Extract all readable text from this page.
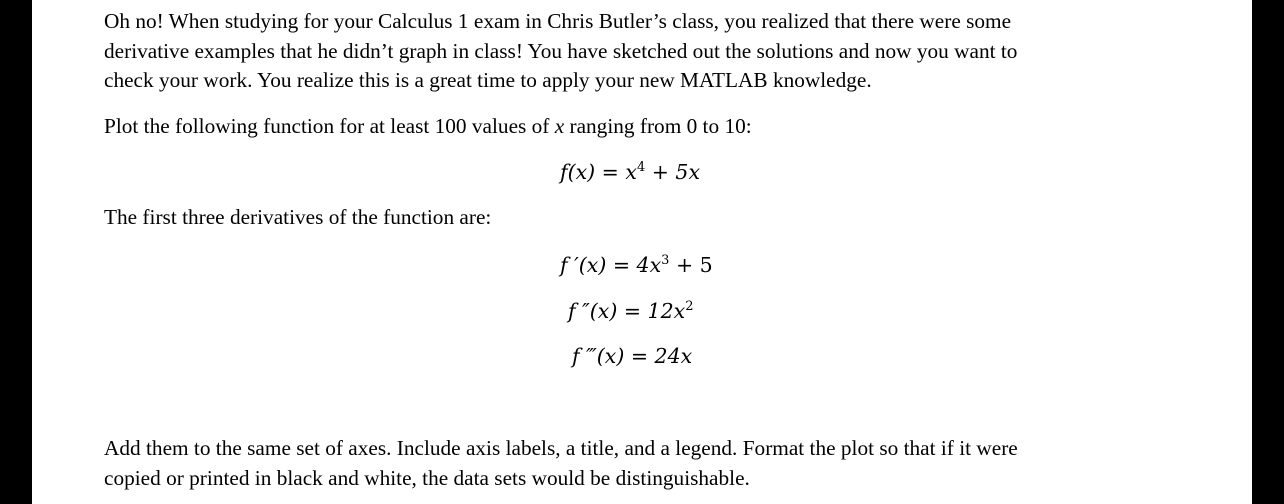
Oh no! When studying for your Calculus 1 exam in Chris Butler’s class, you realized that there were some
derivative examples that he didn’t graph in class! You have sketched out the solutions and now you want to
check your work. You realize this is a great time to apply your new MATLAB knowledge.
Plot the following function for at least 100 values of x ranging from 0 to 10:
$f(x) = x^4 + 5x$
The first three derivatives of the function are:
f $'(x) = 4x^3 + 5$
f $''(x) = 12x^2$
f ‴(x) = 24x
Add them to the same set of axes. Include axis labels, a title, and a legend. Format the plot so that if it were
copied or printed in black and white, the data sets would be distinguishable.
